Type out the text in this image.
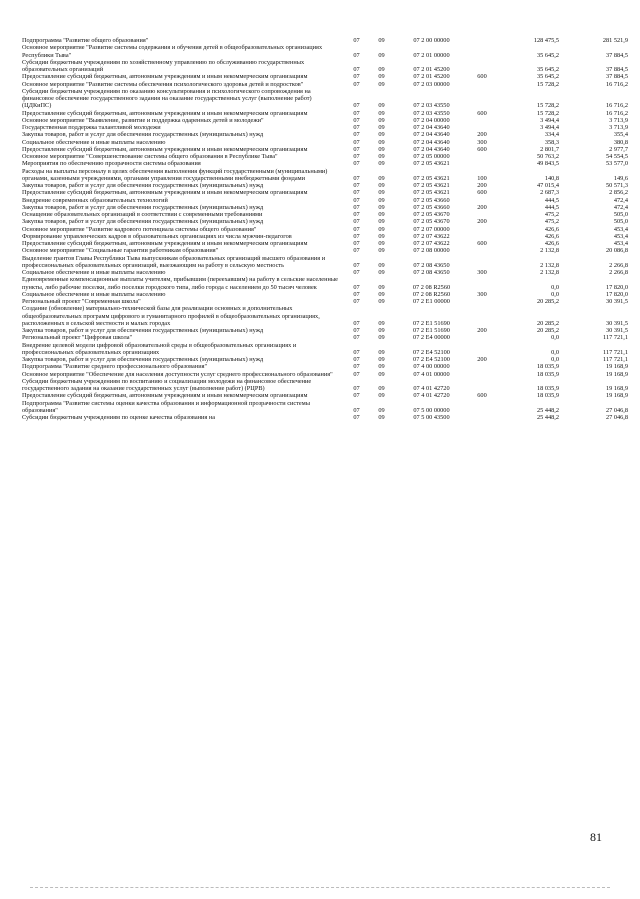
Подпрограмма "Развитие общего образования"	07	09	07 2 00 00000		128 475,5	281 521,9
Основное мероприятие "Развитие системы содержания и обучения детей в общеобразовательных организациях Республики Тыва"	07	09	07 2 01 00000		35 645,2	37 884,5
Субсидии бюджетным учреждениям по хозяйственному управлению по обслуживанию государственных образовательных организаций	07	09	07 2 01 45200		35 645,2	37 884,5
Предоставление субсидий бюджетным, автономным учреждениям и иным некоммерческим организациям	07	09	07 2 01 45200	600	35 645,2	37 884,5
Основное мероприятие "Развитие системы обеспечения психологического здоровья детей и подростков"	07	09	07 2 03 00000		15 728,2	16 716,2
Субсидии бюджетным учреждениям по оказанию консультирования и психологического сопровождения на финансовое обеспечение государственного задания на оказание государственных услуг (выполнение работ) (ЦДКиПС)	07	09	07 2 03 43550		15 728,2	16 716,2
Предоставление субсидий бюджетным, автономным учреждениям и иным некоммерческим организациям	07	09	07 2 03 43550	600	15 728,2	16 716,2
Основное мероприятие "Выявление, развитие и поддержка одаренных детей и молодежи"	07	09	07 2 04 00000		3 494,4	3 713,9
Государственная поддержка талантливой молодежи	07	09	07 2 04 43640		3 494,4	3 713,9
Закупка товаров, работ и услуг для обеспечения государственных (муниципальных) нужд	07	09	07 2 04 43640	200	334,4	355,4
Социальное обеспечение и иные выплаты населению	07	09	07 2 04 43640	300	358,3	380,8
Предоставление субсидий бюджетным, автономным учреждениям и иным некоммерческим организациям	07	09	07 2 04 43640	600	2 801,7	2 977,7
Основное мероприятие "Совершенствование системы общего образования в Республике Тыва"	07	09	07 2 05 00000		50 763,2	54 554,5
Мероприятия по обеспечению прозрачности системы образования	07	09	07 2 05 43621		49 843,5	53 577,0
Расходы на выплаты персоналу в целях обеспечения выполнения функций государственными (муниципальными) органами, казенными учреждениями, органами управления государственными внебюджетными фондами	07	09	07 2 05 43621	100	140,8	149,6
Закупка товаров, работ и услуг для обеспечения государственных (муниципальных) нужд	07	09	07 2 05 43621	200	47 015,4	50 571,3
Предоставление субсидий бюджетным, автономным учреждениям и иным некоммерческим организациям	07	09	07 2 05 43621	600	2 687,3	2 856,2
Внедрение современных образовательных технологий	07	09	07 2 05 43660		444,5	472,4
Закупка товаров, работ и услуг для обеспечения государственных (муниципальных) нужд	07	09	07 2 05 43660	200	444,5	472,4
Оснащение образовательных организаций в соответствии с современными требованиями	07	09	07 2 05 43670		475,2	505,0
Закупка товаров, работ и услуг для обеспечения государственных (муниципальных) нужд	07	09	07 2 05 43670	200	475,2	505,0
Основное мероприятие "Развитие кадрового потенциала системы общего образования"	07	09	07 2 07 00000		426,6	453,4
Формирование управленческих кадров в образовательных организациях из числа мужчин-педагогов	07	09	07 2 07 43622		426,6	453,4
Предоставление субсидий бюджетным, автономным учреждениям и иным некоммерческим организациям	07	09	07 2 07 43622	600	426,6	453,4
Основное мероприятие "Социальные гарантии работникам образования"	07	09	07 2 08 00000		2 132,8	20 086,8
Выделение грантов Главы Республики Тыва выпускникам образовательных организаций высшего образования и профессиональных образовательных организаций, выезжающим на работу в сельскую местность	07	09	07 2 08 43650		2 132,8	2 266,8
Социальное обеспечение и иные выплаты населению	07	09	07 2 08 43650	300	2 132,8	2 266,8
Единовременные компенсационные выплаты учителям, прибывшим (переехавшим) на работу в сельские населенные пункты, либо рабочие поселки, либо поселки городского типа, либо города с населением до 50 тысяч человек	07	09	07 2 08 R2560		0,0	17 820,0
Социальное обеспечение и иные выплаты населению	07	09	07 2 08 R2560	300	0,0	17 820,0
Региональный проект "Современная школа"	07	09	07 2 E1 00000		20 285,2	30 391,5
Создание (обновление) материально-технической базы для реализации основных и дополнительных общеобразовательных программ цифрового и гуманитарного профилей в общеобразовательных организациях, расположенных в сельской местности и малых городах	07	09	07 2 E1 51690		20 285,2	30 391,5
Закупка товаров, работ и услуг для обеспечения государственных (муниципальных) нужд	07	09	07 2 E1 51690	200	20 285,2	30 391,5
Региональный проект "Цифровая школа"	07	09	07 2 E4 00000		0,0	117 721,1
Внедрение целевой модели цифровой образовательной среды в общеобразовательных организациях и профессиональных образовательных организациях	07	09	07 2 E4 52100		0,0	117 721,1
Закупка товаров, работ и услуг для обеспечения государственных (муниципальных) нужд	07	09	07 2 E4 52100	200	0,0	117 721,1
Подпрограмма "Развитие среднего профессионального образования"	07	09	07 4 00 00000		18 035,9	19 168,9
Основное мероприятие "Обеспечение для населения доступности услуг среднего профессионального образования"	07	09	07 4 01 00000		18 035,9	19 168,9
Субсидии бюджетным учреждениям по воспитанию и социализации молодежи на финансовое обеспечение государственного задания на оказание государственных услуг (выполнение работ) (РЦРВ)	07	09	07 4 01 42720		18 035,9	19 168,9
Предоставление субсидий бюджетным, автономным учреждениям и иным некоммерческим организациям	07	09	07 4 01 42720	600	18 035,9	19 168,9
Подпрограмма "Развитие системы оценки качества образования и информационной прозрачности системы образования"	07	09	07 5 00 00000		25 448,2	27 046,8
Субсидии бюджетным учреждениям по оценке качества образования на	07	09	07 5 00 43500		25 448,2	27 046,8
81
